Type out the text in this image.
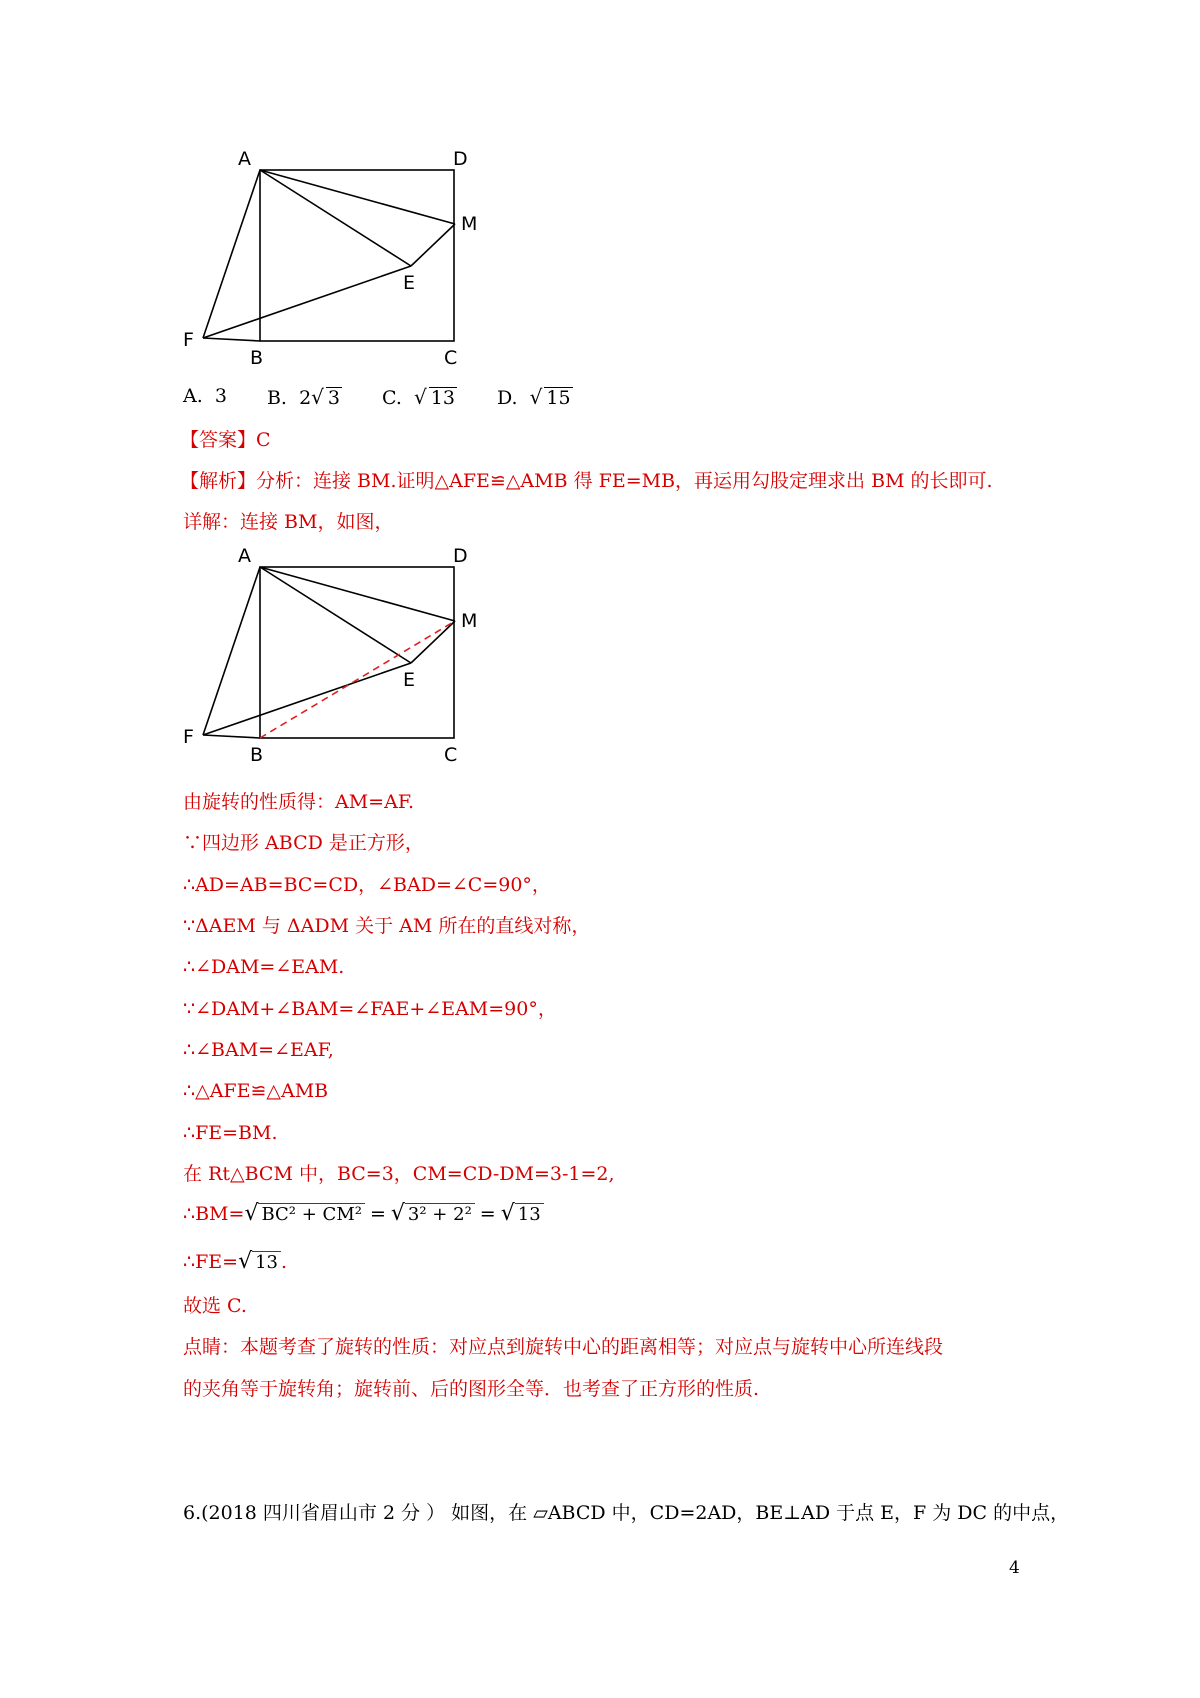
A	D
M
E
F
B	C
A.
3 B.
2 √ 3 C.
√ 13 D.
√ 15
【答案】C
【解析】分析：连接 BM.证明△AFE≌△AMB 得 FE=MB，再运用勾股定理求出 BM 的长即可.
详解：连接 BM，如图，
A	D
M
E
F
B	C
由旋转的性质得：AM=AF.
∵四边形 ABCD 是正方形，
∴AD=AB=BC=CD，∠BAD=∠C=90°，
∵ΔAEM 与 ΔADM 关于 AM 所在的直线对称，
∴∠DAM=∠EAM.
∵∠DAM+∠BAM=∠FAE+∠EAM=90°，
∴∠BAM=∠EAF,
∴△AFE≌△AMB
∴FE=BM.
在 Rt△BCM 中，BC=3，CM=CD-DM=3-1=2,
∴BM= √ BC² + CM² = √ 3² + 2² = √ 13
∴FE= √ 13 .
故选 C.
点睛：本题考查了旋转的性质：对应点到旋转中心的距离相等；对应点与旋转中心所连线段
的夹角等于旋转角；旋转前、后的图形全等．也考查了正方形的性质.
6.(2018 四川省眉山市 2 分 ） 如图，在 ▱ABCD 中，CD=2AD，BE⊥AD 于点 E，F 为 DC 的中点，
4
